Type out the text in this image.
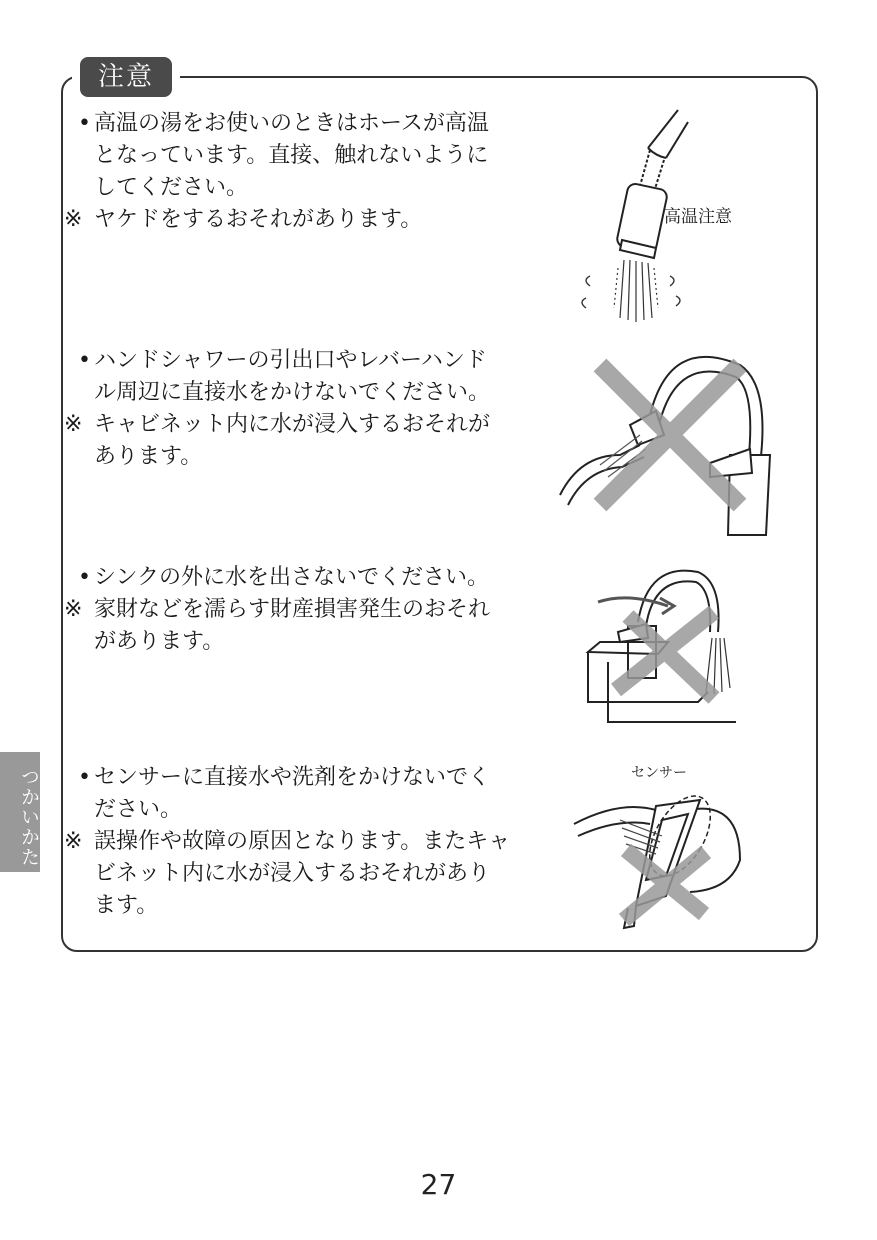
注意

• 高温の湯をお使いのときはホースが高温
となっています。直接、触れないように
してください。

※ ヤケドをするおそれがあります。

• ハンドシャワーの引出口やレバーハンド
ル周辺に直接水をかけないでください。

※ キャビネット内に水が浸入するおそれが
あります。

• シンクの外に水を出さないでください。

※ 家財などを濡らす財産損害発生のおそれ
があります。

• センサーに直接水や洗剤をかけないでく
ださい。

※ 誤操作や故障の原因となります。またキャ
ビネット内に水が浸入するおそれがあり
ます。

高温注意
センサー
つかいかた
27
